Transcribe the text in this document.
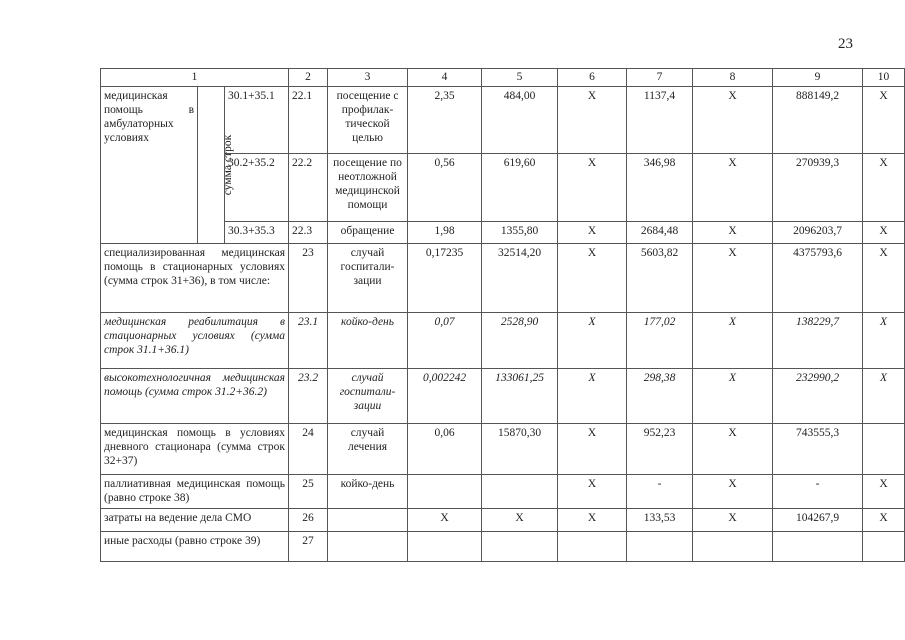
23
1			2	3	4	5	6	7	8	9	10
медицинская помощь в амбулаторных условиях	сумма строк	30.1+35.1	22.1	посещение с профилак-тической целью	2,35	484,00	Х	1137,4	Х	888149,2	Х
		30.2+35.2	22.2	посещение по неотложной медицинской помощи	0,56	619,60	Х	346,98	Х	270939,3	Х
		30.3+35.3	22.3	обращение	1,98	1355,80	Х	2684,48	Х	2096203,7	Х
специализированная медицинская помощь в стационарных условиях (сумма строк 31+36), в том числе:			23	случай госпитали-зации	0,17235	32514,20	Х	5603,82	Х	4375793,6	Х
медицинская реабилитация в стационарных условиях (сумма строк 31.1+36.1)			23.1	койко-день	0,07	2528,90	Х	177,02	Х	138229,7	Х
высокотехнологичная медицинская помощь (сумма строк 31.2+36.2)			23.2	случай госпитали-зации	0,002242	133061,25	Х	298,38	Х	232990,2	Х
медицинская помощь в условиях дневного стационара (сумма строк 32+37)			24	случай лечения	0,06	15870,30	Х	952,23	Х	743555,3	
паллиативная медицинская помощь (равно строке 38)			25	койко-день			Х	-	Х	-	Х
затраты на ведение дела СМО			26		Х	Х	Х	133,53	Х	104267,9	Х
иные расходы (равно строке 39)			27								
